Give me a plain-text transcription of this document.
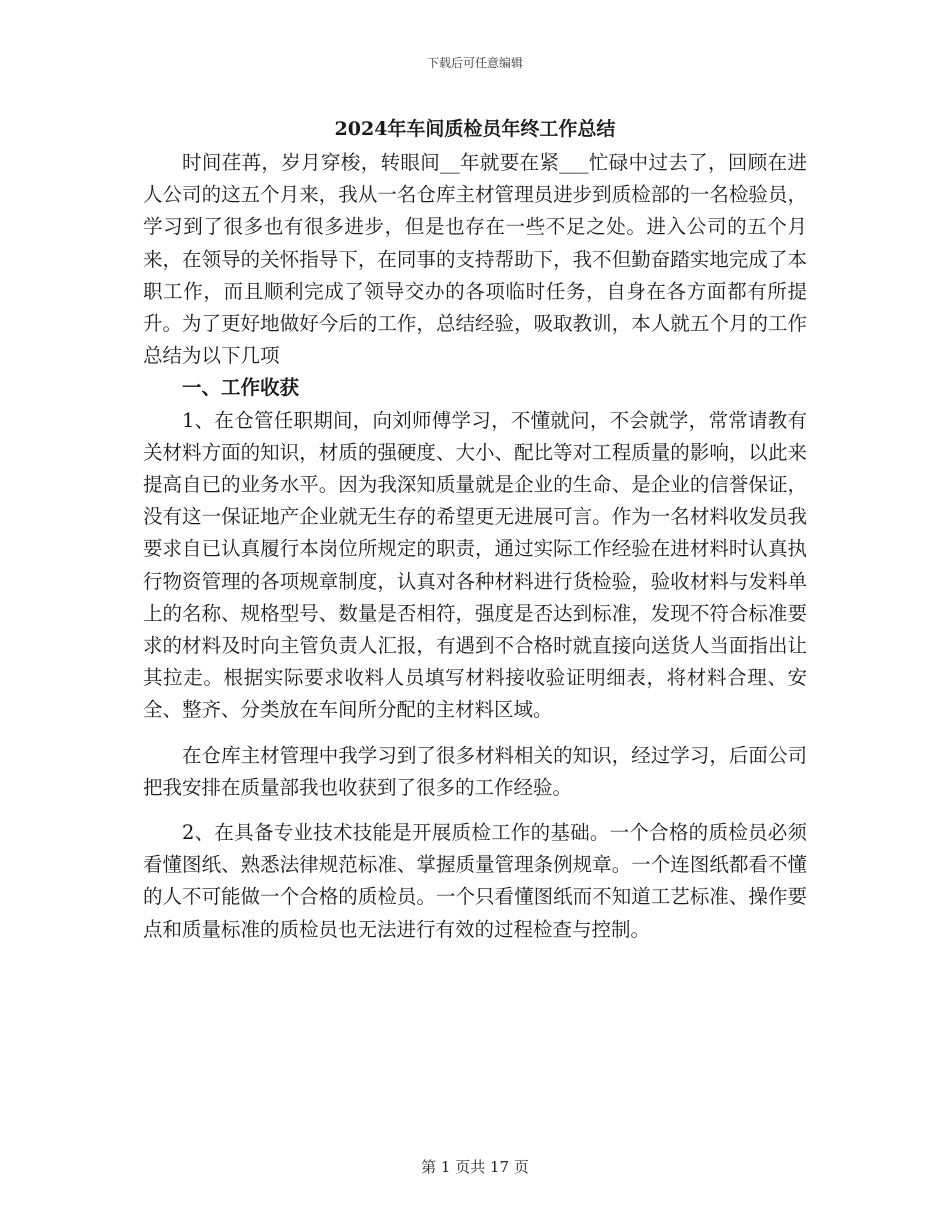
下载后可任意编辑
2024年车间质检员年终工作总结

时间荏苒，岁月穿梭，转眼间__年就要在紧___忙碌中过去了，回顾在进人公司的这五个月来，我从一名仓库主材管理员进步到质检部的一名检验员，学习到了很多也有很多进步，但是也存在一些不足之处。进入公司的五个月来，在领导的关怀指导下，在同事的支持帮助下，我不但勤奋踏实地完成了本职工作，而且顺利完成了领导交办的各项临时任务，自身在各方面都有所提升。为了更好地做好今后的工作，总结经验，吸取教训，本人就五个月的工作总结为以下几项

一、工作收获

1、在仓管任职期间，向刘师傅学习，不懂就问，不会就学，常常请教有关材料方面的知识，材质的强硬度、大小、配比等对工程质量的影响，以此来提高自已的业务水平。因为我深知质量就是企业的生命、是企业的信誉保证，没有这一保证地产企业就无生存的希望更无进展可言。作为一名材料收发员我要求自已认真履行本岗位所规定的职责，通过实际工作经验在进材料时认真执行物资管理的各项规章制度，认真对各种材料进行货检验，验收材料与发料单上的名称、规格型号、数量是否相符，强度是否达到标准，发现不符合标准要求的材料及时向主管负责人汇报，有遇到不合格时就直接向送货人当面指出让其拉走。根据实际要求收料人员填写材料接收验证明细表，将材料合理、安全、整齐、分类放在车间所分配的主材料区域。

在仓库主材管理中我学习到了很多材料相关的知识，经过学习，后面公司把我安排在质量部我也收获到了很多的工作经验。

2、在具备专业技术技能是开展质检工作的基础。一个合格的质检员必须看懂图纸、熟悉法律规范标准、掌握质量管理条例规章。一个连图纸都看不懂的人不可能做一个合格的质检员。一个只看懂图纸而不知道工艺标准、操作要点和质量标准的质检员也无法进行有效的过程检查与控制。

第 1 页共 17 页
